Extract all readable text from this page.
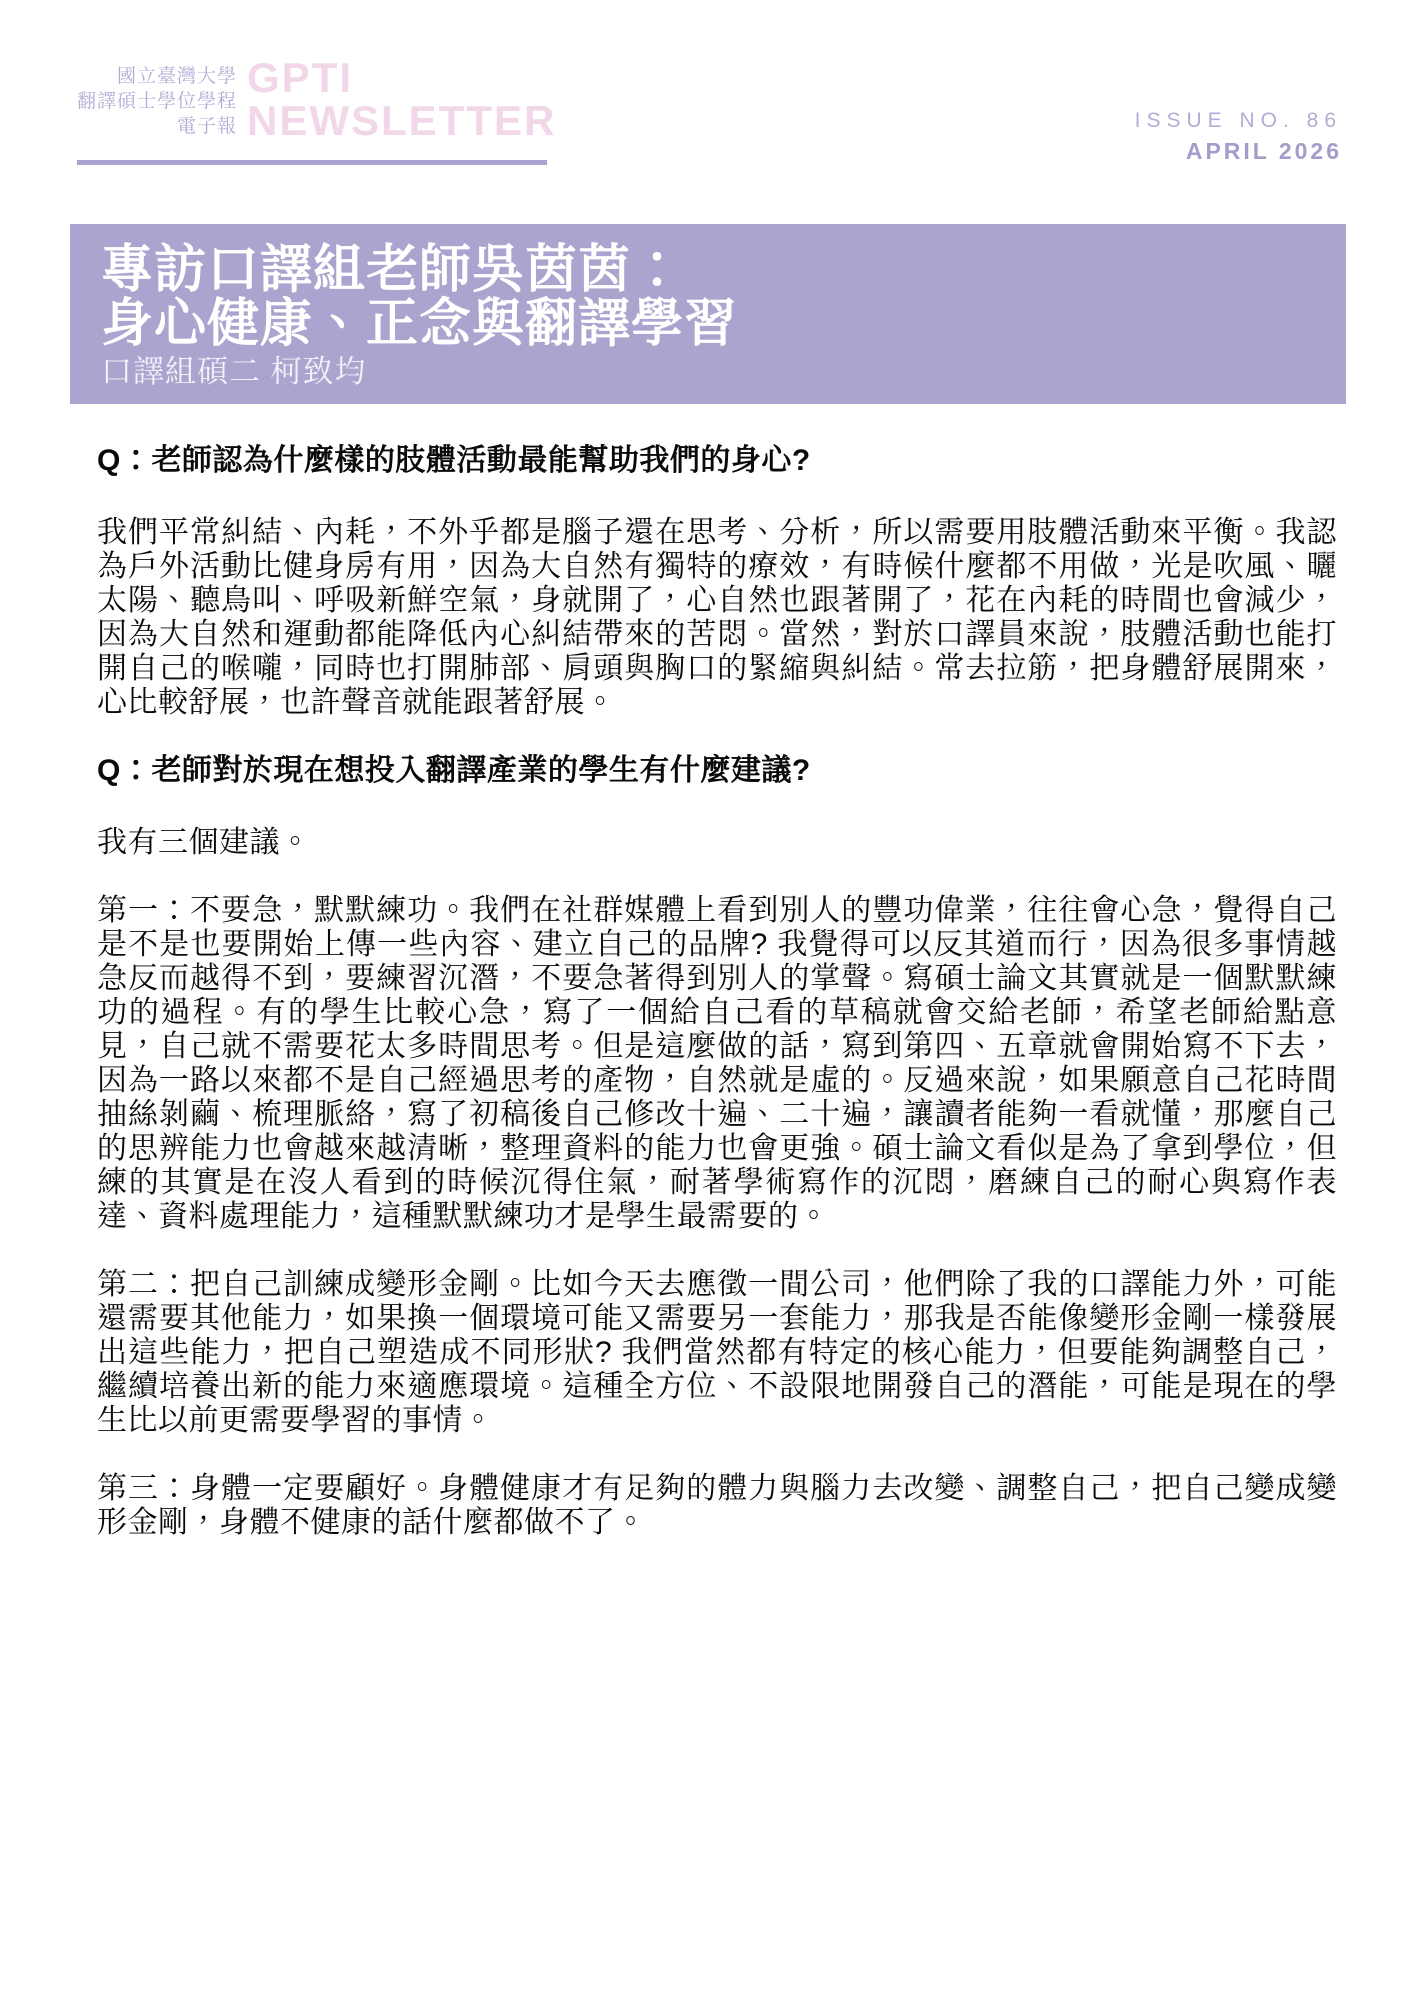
國立臺灣大學
翻譯碩士學位學程
電子報
GPTI
NEWSLETTER	ISSUE NO. 86
APRIL 2026
專訪口譯組老師吳茵茵：
身心健康、正念與翻譯學習
口譯組碩二 柯致均
Q：老師認為什麼樣的肢體活動最能幫助我們的身心?
我們平常糾結、內耗，不外乎都是腦子還在思考、分析，所以需要用肢體活動來平衡。我認為戶外活動比健身房有用，因為大自然有獨特的療效，有時候什麼都不用做，光是吹風、曬太陽、聽鳥叫、呼吸新鮮空氣，身就開了，心自然也跟著開了，花在內耗的時間也會減少，因為大自然和運動都能降低內心糾結帶來的苦悶。當然，對於口譯員來說，肢體活動也能打開自己的喉嚨，同時也打開肺部、肩頭與胸口的緊縮與糾結。常去拉筋，把身體舒展開來，心比較舒展，也許聲音就能跟著舒展。
Q：老師對於現在想投入翻譯產業的學生有什麼建議?
我有三個建議。
第一：不要急，默默練功。我們在社群媒體上看到別人的豐功偉業，往往會心急，覺得自己是不是也要開始上傳一些內容、建立自己的品牌? 我覺得可以反其道而行，因為很多事情越急反而越得不到，要練習沉潛，不要急著得到別人的掌聲。寫碩士論文其實就是一個默默練功的過程。有的學生比較心急，寫了一個給自己看的草稿就會交給老師，希望老師給點意見，自己就不需要花太多時間思考。但是這麼做的話，寫到第四、五章就會開始寫不下去，因為一路以來都不是自己經過思考的產物，自然就是虛的。反過來說，如果願意自己花時間抽絲剝繭、梳理脈絡，寫了初稿後自己修改十遍、二十遍，讓讀者能夠一看就懂，那麼自己的思辨能力也會越來越清晰，整理資料的能力也會更強。碩士論文看似是為了拿到學位，但練的其實是在沒人看到的時候沉得住氣，耐著學術寫作的沉悶，磨練自己的耐心與寫作表達、資料處理能力，這種默默練功才是學生最需要的。
第二：把自己訓練成變形金剛。比如今天去應徵一間公司，他們除了我的口譯能力外，可能還需要其他能力，如果換一個環境可能又需要另一套能力，那我是否能像變形金剛一樣發展出這些能力，把自己塑造成不同形狀? 我們當然都有特定的核心能力，但要能夠調整自己，繼續培養出新的能力來適應環境。這種全方位、不設限地開發自己的潛能，可能是現在的學生比以前更需要學習的事情。
第三：身體一定要顧好。身體健康才有足夠的體力與腦力去改變、調整自己，把自己變成變形金剛，身體不健康的話什麼都做不了。
